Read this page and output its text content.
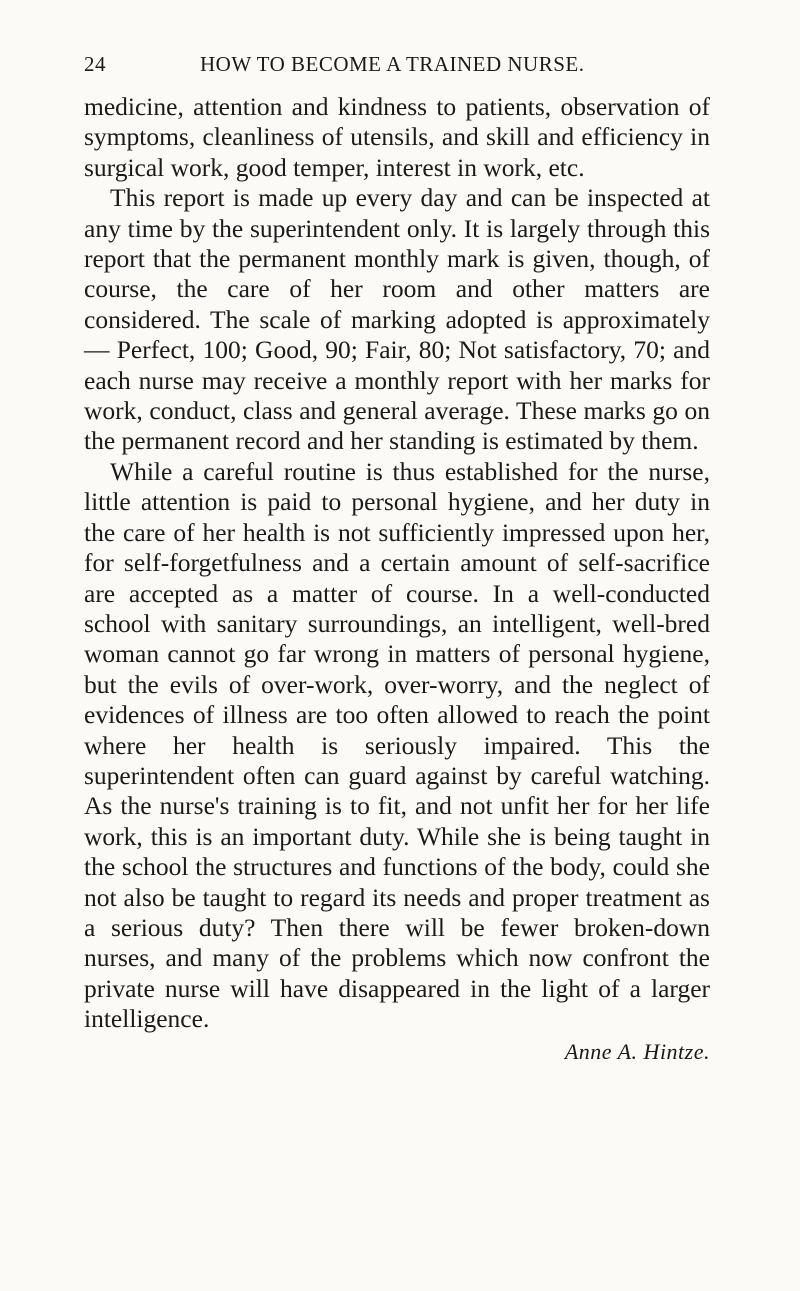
24	HOW TO BECOME A TRAINED NURSE.

medicine, attention and kindness to patients, observation of symptoms, cleanliness of utensils, and skill and efficiency in surgical work, good temper, interest in work, etc.

This report is made up every day and can be inspected at any time by the superintendent only. It is largely through this report that the permanent monthly mark is given, though, of course, the care of her room and other matters are considered. The scale of marking adopted is approximately— Perfect, 100; Good, 90; Fair, 80; Not satisfactory, 70; and each nurse may receive a monthly report with her marks for work, conduct, class and general average. These marks go on the permanent record and her standing is estimated by them.

While a careful routine is thus established for the nurse, little attention is paid to personal hygiene, and her duty in the care of her health is not sufficiently impressed upon her, for self-forgetfulness and a certain amount of self-sacrifice are accepted as a matter of course. In a well-conducted school with sanitary surroundings, an intelligent, well-bred woman cannot go far wrong in matters of personal hygiene, but the evils of over-work, over-worry, and the neglect of evidences of illness are too often allowed to reach the point where her health is seriously impaired. This the superintendent often can guard against by careful watching. As the nurse's training is to fit, and not unfit her for her life work, this is an important duty. While she is being taught in the school the structures and functions of the body, could she not also be taught to regard its needs and proper treatment as a serious duty? Then there will be fewer broken-down nurses, and many of the problems which now confront the private nurse will have disappeared in the light of a larger intelligence.

Anne A. Hintze.
